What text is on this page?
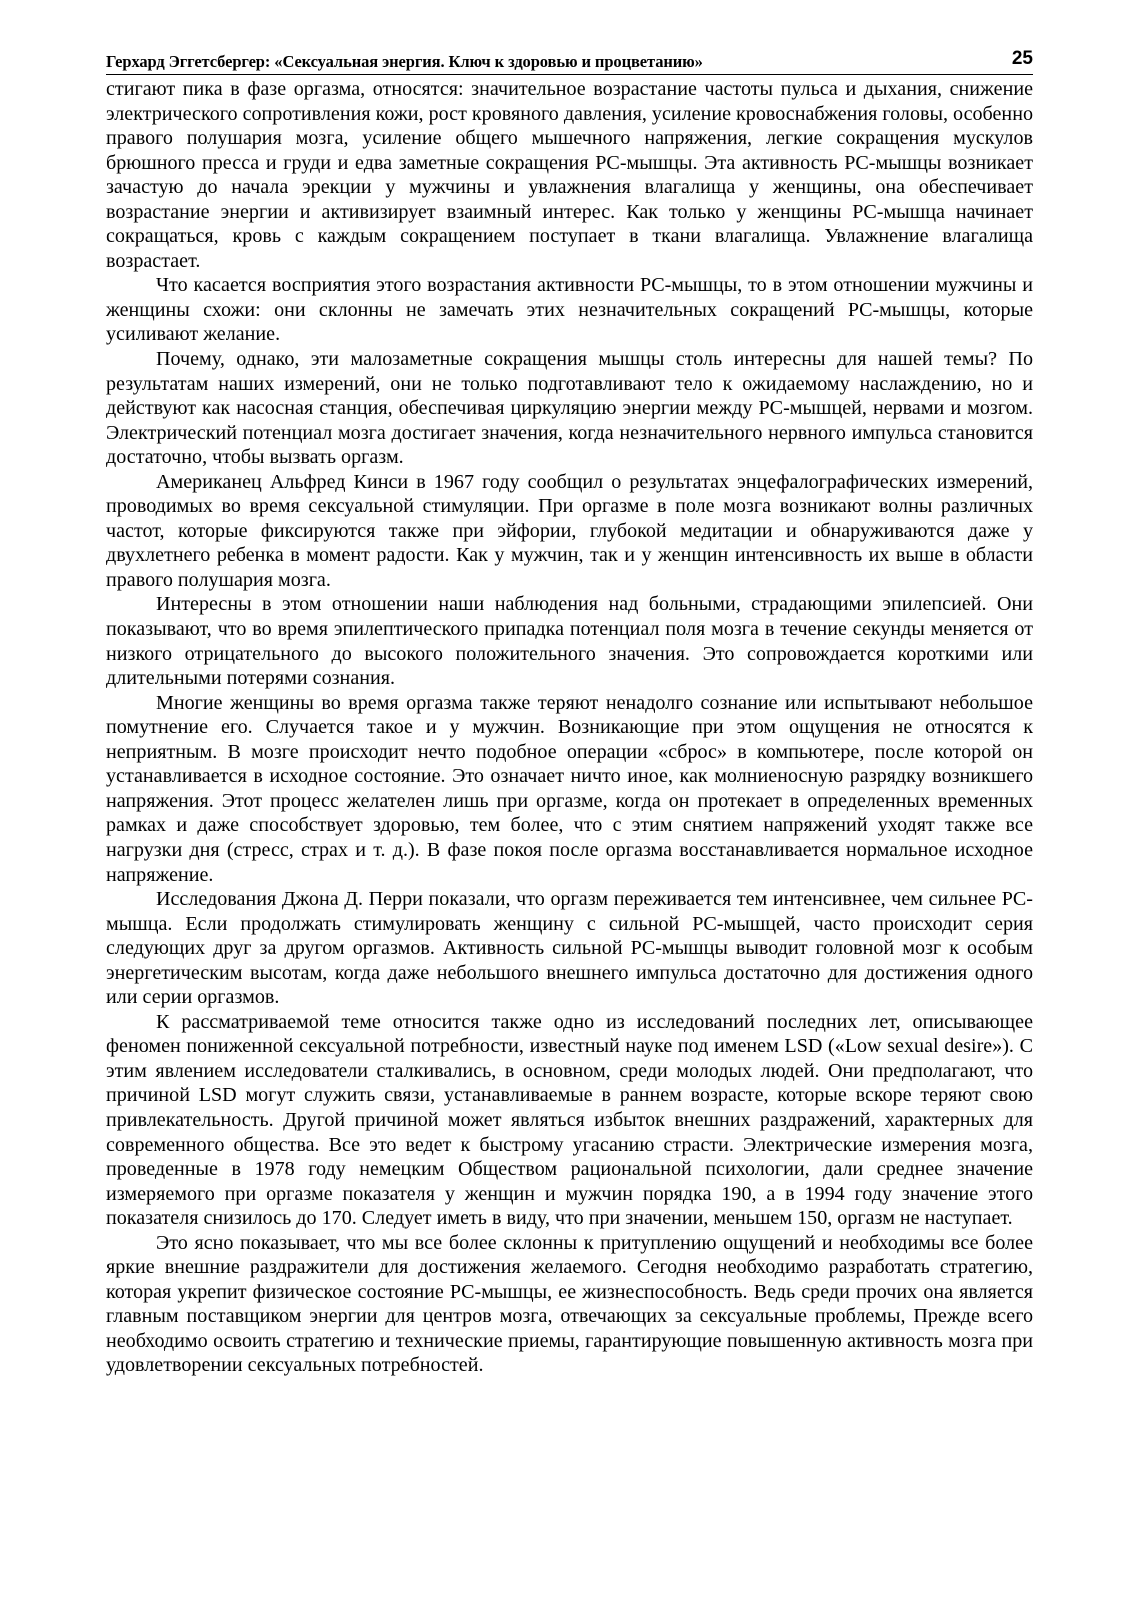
Герхард Эггетсбергер: «Сексуальная энергия. Ключ к здоровью и процветанию»	25

стигают пика в фазе оргазма, относятся: значительное возрастание частоты пульса и дыхания, снижение электрического сопротивления кожи, рост кровяного давления, усиление кровоснабжения головы, особенно правого полушария мозга, усиление общего мышечного напряжения, легкие сокращения мускулов брюшного пресса и груди и едва заметные сокращения PC-мышцы. Эта активность PC-мышцы возникает зачастую до начала эрекции у мужчины и увлажнения влагалища у женщины, она обеспечивает возрастание энергии и активизирует взаимный интерес. Как только у женщины PC-мышца начинает сокращаться, кровь с каждым сокращением поступает в ткани влагалища. Увлажнение влагалища возрастает.

Что касается восприятия этого возрастания активности PC-мышцы, то в этом отношении мужчины и женщины схожи: они склонны не замечать этих незначительных сокращений PC-мышцы, которые усиливают желание.

Почему, однако, эти малозаметные сокращения мышцы столь интересны для нашей темы? По результатам наших измерений, они не только подготавливают тело к ожидаемому наслаждению, но и действуют как насосная станция, обеспечивая циркуляцию энергии между PC-мышцей, нервами и мозгом. Электрический потенциал мозга достигает значения, когда незначительного нервного импульса становится достаточно, чтобы вызвать оргазм.

Американец Альфред Кинси в 1967 году сообщил о результатах энцефалографических измерений, проводимых во время сексуальной стимуляции. При оргазме в поле мозга возникают волны различных частот, которые фиксируются также при эйфории, глубокой медитации и обнаруживаются даже у двухлетнего ребенка в момент радости. Как у мужчин, так и у женщин интенсивность их выше в области правого полушария мозга.

Интересны в этом отношении наши наблюдения над больными, страдающими эпилепсией. Они показывают, что во время эпилептического припадка потенциал поля мозга в течение секунды меняется от низкого отрицательного до высокого положительного значения. Это сопровождается короткими или длительными потерями сознания.

Многие женщины во время оргазма также теряют ненадолго сознание или испытывают небольшое помутнение его. Случается такое и у мужчин. Возникающие при этом ощущения не относятся к неприятным. В мозге происходит нечто подобное операции «сброс» в компьютере, после которой он устанавливается в исходное состояние. Это означает ничто иное, как молниеносную разрядку возникшего напряжения. Этот процесс желателен лишь при оргазме, когда он протекает в определенных временных рамках и даже способствует здоровью, тем более, что с этим снятием напряжений уходят также все нагрузки дня (стресс, страх и т. д.). В фазе покоя после оргазма восстанавливается нормальное исходное напряжение.

Исследования Джона Д. Перри показали, что оргазм переживается тем интенсивнее, чем сильнее PC-мышца. Если продолжать стимулировать женщину с сильной PC-мышцей, часто происходит серия следующих друг за другом оргазмов. Активность сильной PC-мышцы выводит головной мозг к особым энергетическим высотам, когда даже небольшого внешнего импульса достаточно для достижения одного или серии оргазмов.

К рассматриваемой теме относится также одно из исследований последних лет, описывающее феномен пониженной сексуальной потребности, известный науке под именем LSD («Low sexual desire»). С этим явлением исследователи сталкивались, в основном, среди молодых людей. Они предполагают, что причиной LSD могут служить связи, устанавливаемые в раннем возрасте, которые вскоре теряют свою привлекательность. Другой причиной может являться избыток внешних раздражений, характерных для современного общества. Все это ведет к быстрому угасанию страсти. Электрические измерения мозга, проведенные в 1978 году немецким Обществом рациональной психологии, дали среднее значение измеряемого при оргазме показателя у женщин и мужчин порядка 190, а в 1994 году значение этого показателя снизилось до 170. Следует иметь в виду, что при значении, меньшем 150, оргазм не наступает.

Это ясно показывает, что мы все более склонны к притуплению ощущений и необходимы все более яркие внешние раздражители для достижения желаемого. Сегодня необходимо разработать стратегию, которая укрепит физическое состояние PC-мышцы, ее жизнеспособность. Ведь среди прочих она является главным поставщиком энергии для центров мозга, отвечающих за сексуальные проблемы, Прежде всего необходимо освоить стратегию и технические приемы, гарантирующие повышенную активность мозга при удовлетворении сексуальных потребностей.
